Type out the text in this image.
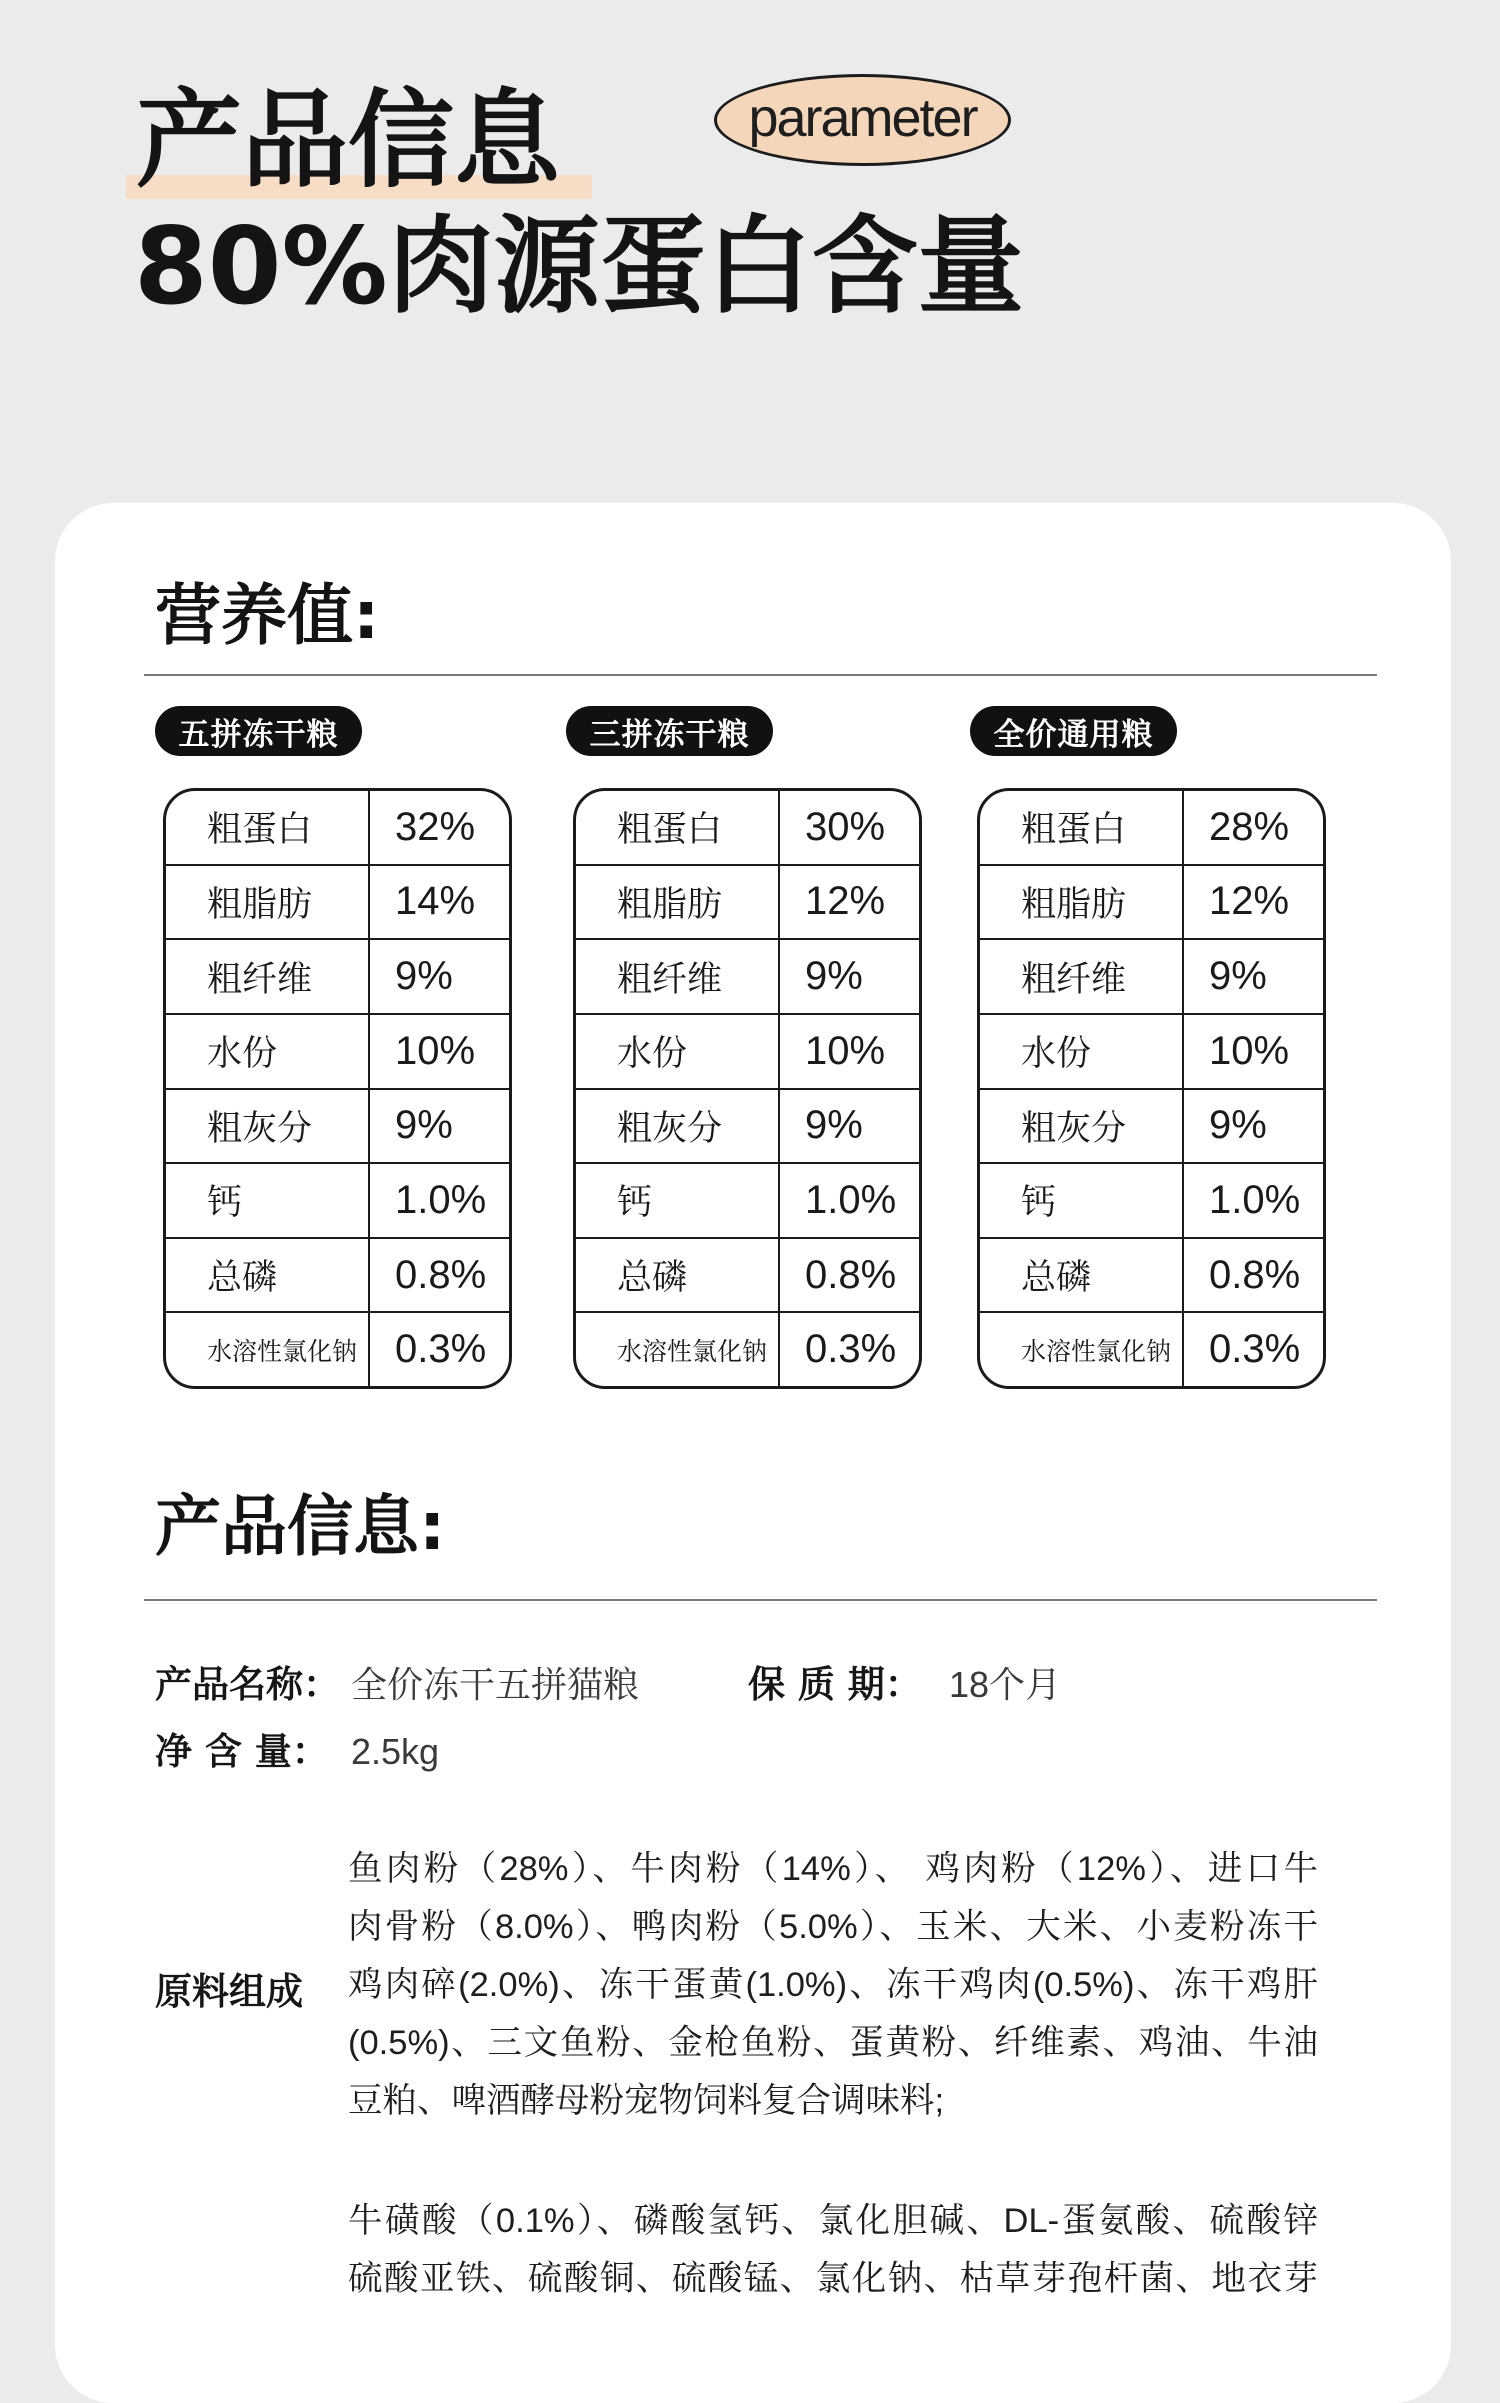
产品信息	parameter
80%肉源蛋白含量
营养值:
五拼冻干粮	三拼冻干粮	全价通用粮
粗蛋白	32%
粗脂肪	14%
粗纤维	9%
水份	10%
粗灰分	9%
钙	1.0%
总磷	0.8%
水溶性氯化钠 0.3%
粗蛋白	30%
粗脂肪	12%
粗纤维	9%
水份	10%
粗灰分	9%
钙	1.0%
总磷	0.8%
水溶性氯化钠 0.3%
粗蛋白	28%
粗脂肪	12%
粗纤维	9%
水份	10%
粗灰分	9%
钙	1.0%
总磷	0.8%
水溶性氯化钠 0.3%
产品信息:
产品名称： 全价冻干五拼猫粮	保 质 期： 18个月
净 含 量： 2.5kg
原料组成
鱼肉粉（28%）、牛肉粉（14%）、 鸡肉粉（12%）、进口牛
肉骨粉（8.0%）、鸭肉粉（5.0%）、玉米、大米、小麦粉冻干
鸡肉碎(2.0%)、冻干蛋黄(1.0%)、冻干鸡肉(0.5%)、冻干鸡肝
(0.5%)、三文鱼粉、金枪鱼粉、蛋黄粉、纤维素、鸡油、牛油
豆粕、啤酒酵母粉宠物饲料复合调味料;
牛磺酸（0.1%）、磷酸氢钙、氯化胆碱、DL-蛋氨酸、硫酸锌
硫酸亚铁、硫酸铜、硫酸锰、氯化钠、枯草芽孢杆菌、地衣芽
